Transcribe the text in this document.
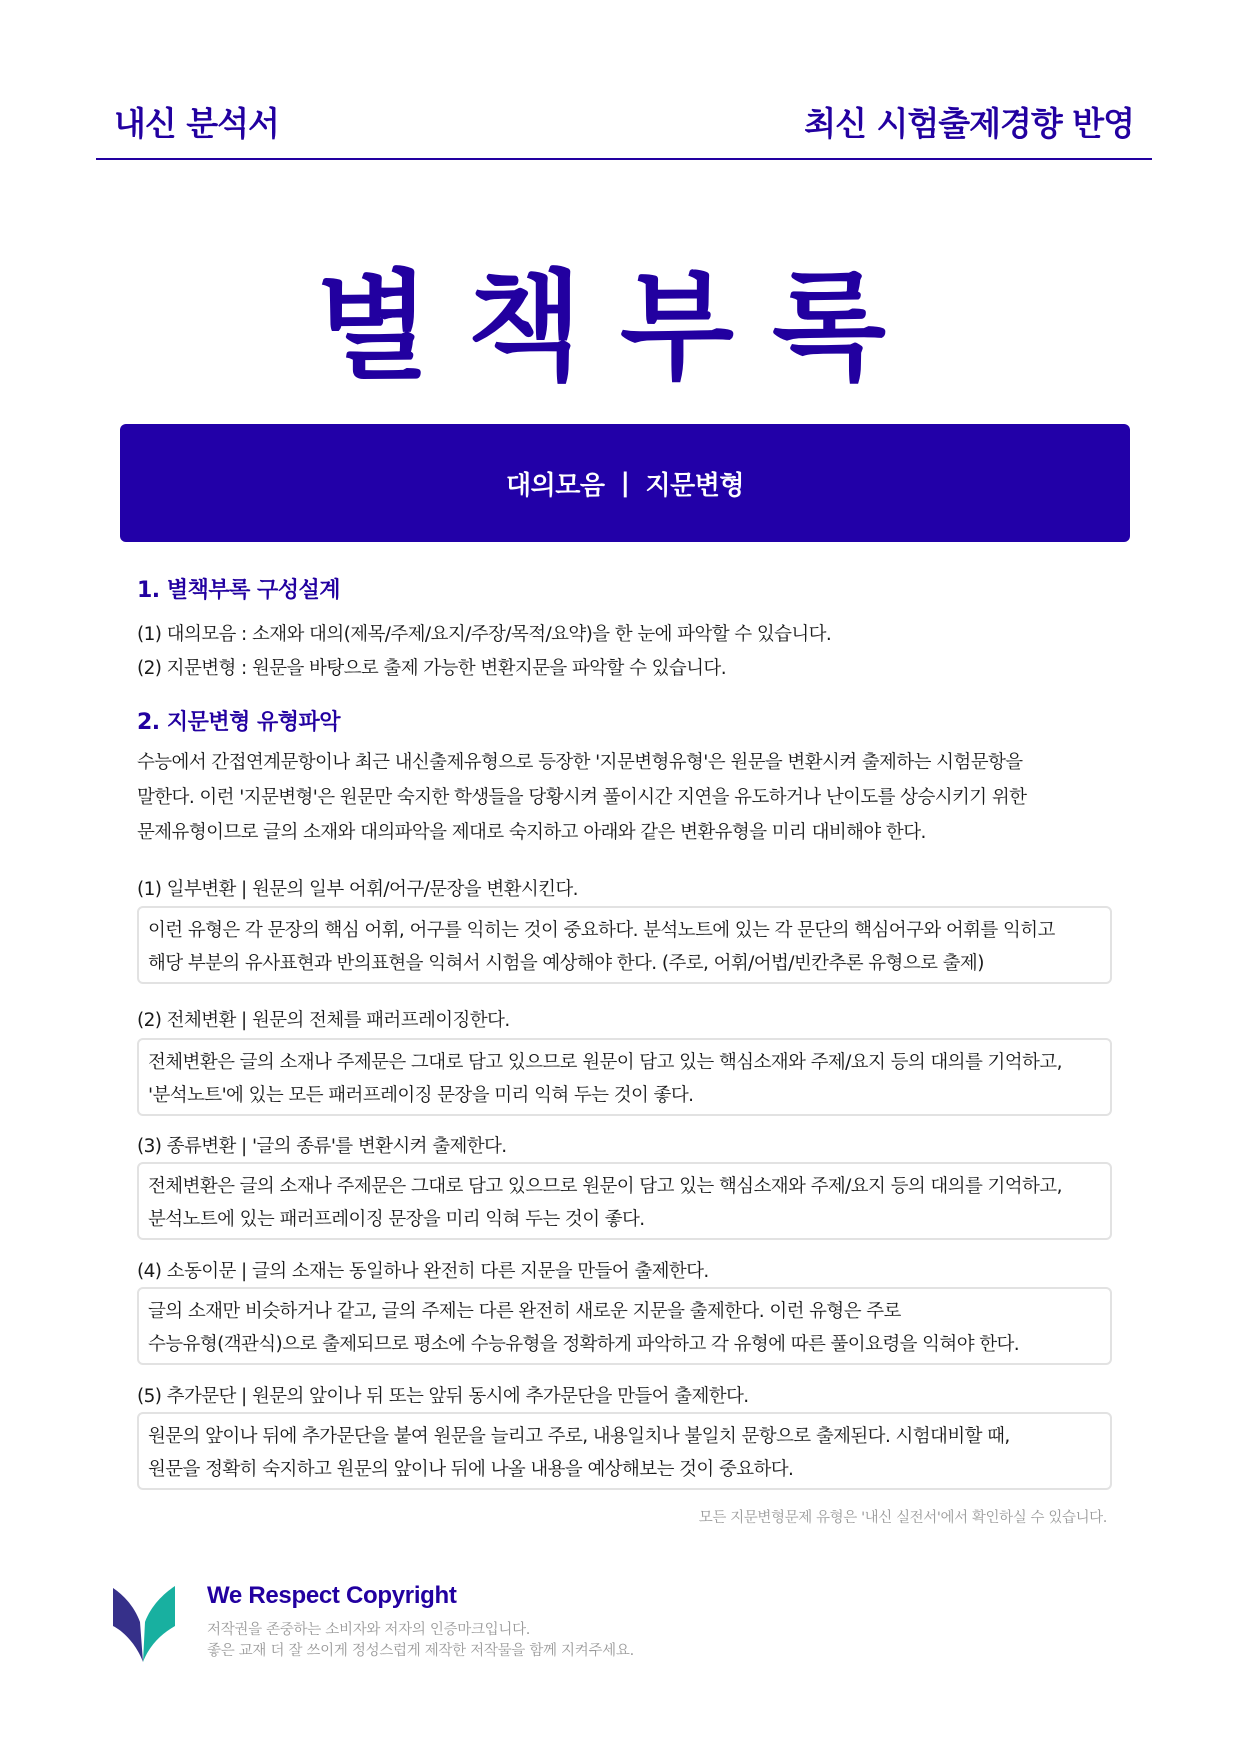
내신 분석서	최신 시험출제경향 반영
별책부록
대의모음 | 지문변형
1. 별책부록 구성설계
(1) 대의모음 : 소재와 대의(제목/주제/요지/주장/목적/요약)을 한 눈에 파악할 수 있습니다.
(2) 지문변형 : 원문을 바탕으로 출제 가능한 변환지문을 파악할 수 있습니다.
2. 지문변형 유형파악
수능에서 간접연계문항이나 최근 내신출제유형으로 등장한 '지문변형유형'은 원문을 변환시켜 출제하는 시험문항을
말한다. 이런 '지문변형'은 원문만 숙지한 학생들을 당황시켜 풀이시간 지연을 유도하거나 난이도를 상승시키기 위한
문제유형이므로 글의 소재와 대의파악을 제대로 숙지하고 아래와 같은 변환유형을 미리 대비해야 한다.
(1) 일부변환 | 원문의 일부 어휘/어구/문장을 변환시킨다.
이런 유형은 각 문장의 핵심 어휘, 어구를 익히는 것이 중요하다. 분석노트에 있는 각 문단의 핵심어구와 어휘를 익히고
해당 부분의 유사표현과 반의표현을 익혀서 시험을 예상해야 한다. (주로, 어휘/어법/빈칸추론 유형으로 출제)
(2) 전체변환 | 원문의 전체를 패러프레이징한다.
전체변환은 글의 소재나 주제문은 그대로 담고 있으므로 원문이 담고 있는 핵심소재와 주제/요지 등의 대의를 기억하고,
'분석노트'에 있는 모든 패러프레이징 문장을 미리 익혀 두는 것이 좋다.
(3) 종류변환 | '글의 종류'를 변환시켜 출제한다.
전체변환은 글의 소재나 주제문은 그대로 담고 있으므로 원문이 담고 있는 핵심소재와 주제/요지 등의 대의를 기억하고,
분석노트에 있는 패러프레이징 문장을 미리 익혀 두는 것이 좋다.
(4) 소동이문 | 글의 소재는 동일하나 완전히 다른 지문을 만들어 출제한다.
글의 소재만 비슷하거나 같고, 글의 주제는 다른 완전히 새로운 지문을 출제한다. 이런 유형은 주로
수능유형(객관식)으로 출제되므로 평소에 수능유형을 정확하게 파악하고 각 유형에 따른 풀이요령을 익혀야 한다.
(5) 추가문단 | 원문의 앞이나 뒤 또는 앞뒤 동시에 추가문단을 만들어 출제한다.
원문의 앞이나 뒤에 추가문단을 붙여 원문을 늘리고 주로, 내용일치나 불일치 문항으로 출제된다. 시험대비할 때,
원문을 정확히 숙지하고 원문의 앞이나 뒤에 나올 내용을 예상해보는 것이 중요하다.
모든 지문변형문제 유형은 '내신 실전서'에서 확인하실 수 있습니다.
We Respect Copyright
저작권을 존중하는 소비자와 저자의 인증마크입니다.
좋은 교재 더 잘 쓰이게 정성스럽게 제작한 저작물을 함께 지켜주세요.
